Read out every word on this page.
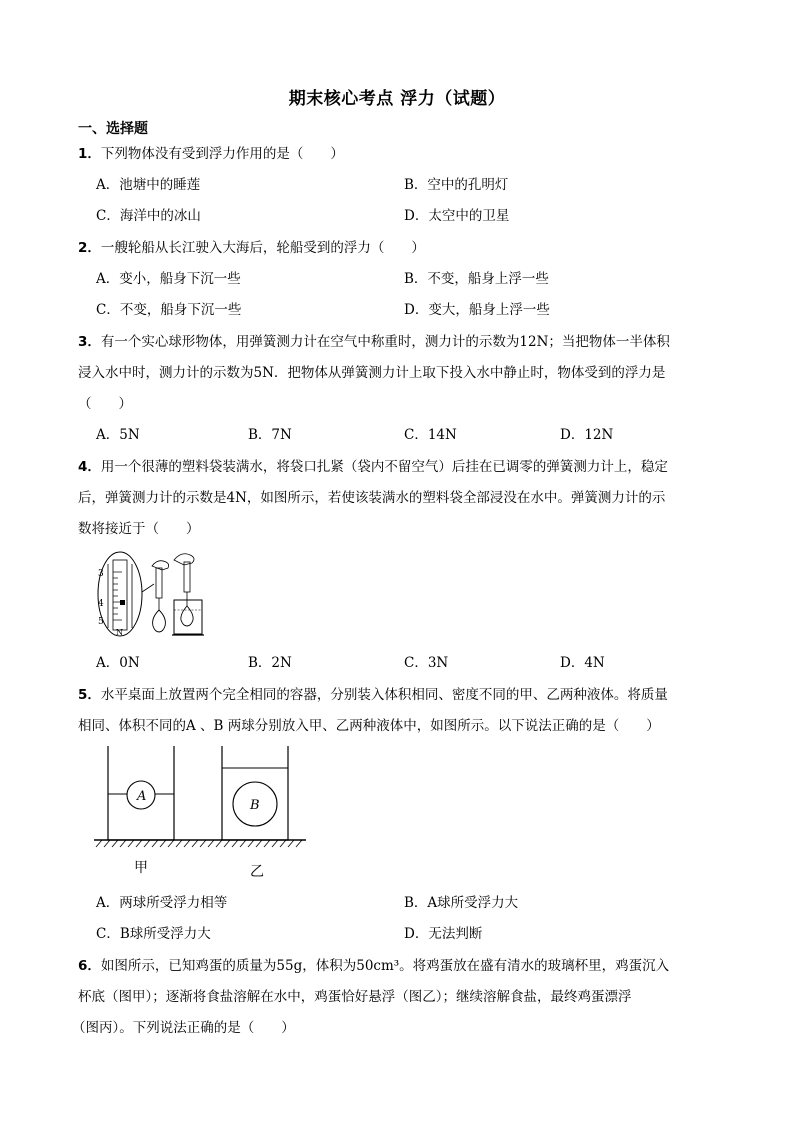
期末核心考点 浮力（试题）
一、选择题
1．下列物体没有受到浮力作用的是（　　）
A．池塘中的睡莲	B．空中的孔明灯
C．海洋中的冰山	D．太空中的卫星
2．一艘轮船从长江驶入大海后，轮船受到的浮力（　　）
A．变小，船身下沉一些	B．不变，船身上浮一些
C．不变，船身下沉一些	D．变大，船身上浮一些
3．有一个实心球形物体，用弹簧测力计在空气中称重时，测力计的示数为12N；当把物体一半体积
浸入水中时，测力计的示数为5N．把物体从弹簧测力计上取下投入水中静止时，物体受到的浮力是
（　　）
A．5N	B．7N	C．14N	D．12N
4．用一个很薄的塑料袋装满水，将袋口扎紧（袋内不留空气）后挂在已调零的弹簧测力计上，稳定
后，弹簧测力计的示数是4N，如图所示，若使该装满水的塑料袋全部浸没在水中。弹簧测力计的示
数将接近于（　　）
3
4
5
N
A．0N	B．2N	C．3N	D．4N
5．水平桌面上放置两个完全相同的容器，分别装入体积相同、密度不同的甲、乙两种液体。将质量
相同、体积不同的A 、B 两球分别放入甲、乙两种液体中，如图所示。以下说法正确的是（　　）
A
B
甲	乙
A．两球所受浮力相等	B．A球所受浮力大
C．B球所受浮力大	D．无法判断
6．如图所示，已知鸡蛋的质量为55g，体积为50cm³。将鸡蛋放在盛有清水的玻璃杯里，鸡蛋沉入
杯底（图甲）；逐渐将食盐溶解在水中，鸡蛋恰好悬浮（图乙）；继续溶解食盐，最终鸡蛋漂浮
（图丙）。下列说法正确的是（　　）
